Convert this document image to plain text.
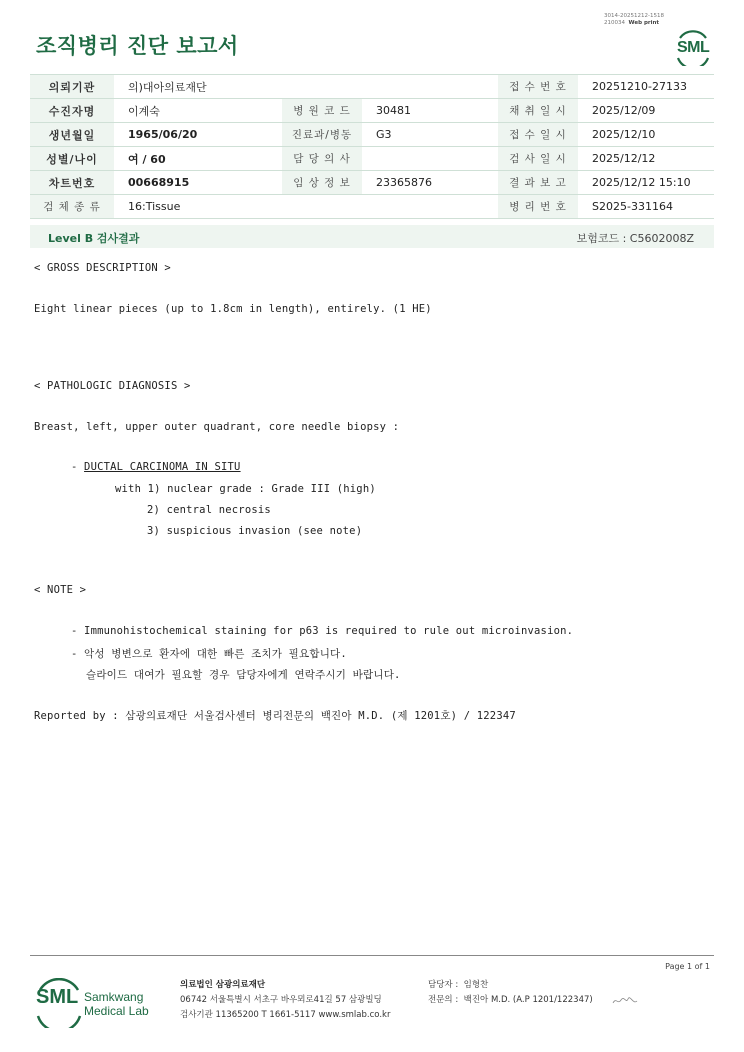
3014-20251212-1518
210034 Web print
조직병리 진단 보고서	SML
의뢰기관	의)대아의료재단			접 수 번 호	20251210-27133
수진자명	이계숙	병 원 코 드	30481	채 취 일 시	2025/12/09
생년월일	1965/06/20	진료과/병동	G3	접 수 일 시	2025/12/10
성별/나이	여 / 60	담 당 의 사		검 사 일 시	2025/12/12
차트번호	00668915	임 상 정 보	23365876	결 과 보 고	2025/12/12 15:10
검 체 종 류	16:Tissue			병 리 번 호	S2025-331164
Level B 검사결과	보험코드 : C5602008Z
< GROSS DESCRIPTION >
Eight linear pieces (up to 1.8cm in length), entirely. (1 HE)
< PATHOLOGIC DIAGNOSIS >
Breast, left, upper outer quadrant, core needle biopsy :
- DUCTAL CARCINOMA IN SITU
with 1) nuclear grade : Grade III (high)
2) central necrosis
3) suspicious invasion (see note)
< NOTE >
- Immunohistochemical staining for p63 is required to rule out microinvasion.
- 악성 병변으로 환자에 대한 빠른 조치가 필요합니다.
슬라이드 대여가 필요할 경우 담당자에게 연락주시기 바랍니다.
Reported by : 삼광의료재단 서울검사센터 병리전문의 백진아 M.D. (제 1201호) / 122347
Page 1 of 1
SML Samkwang
Medical Lab
의료법인 삼광의료재단
06742 서울특별시 서초구 바우뫼로41길 57 삼광빌딩
검사기관 11365200 T 1661-5117 www.smlab.co.kr
담당자 : 임형찬
전문의 : 백진아 M.D. (A.P 1201/122347)
